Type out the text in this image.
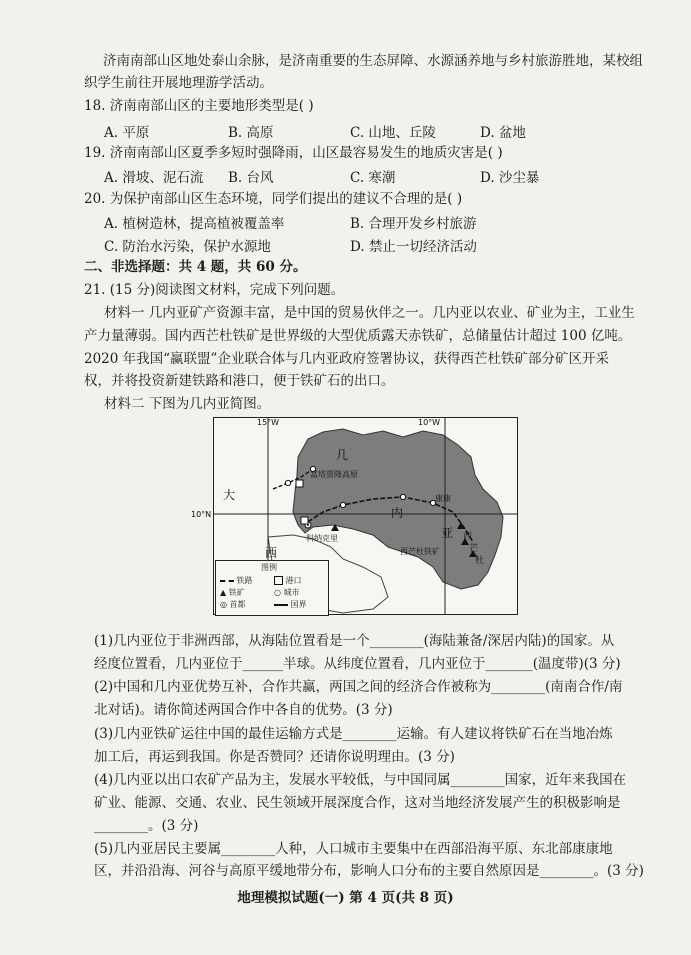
济南南部山区地处泰山余脉，是济南重要的生态屏障、水源涵养地与乡村旅游胜地，某校组
织学生前往开展地理游学活动。
18. 济南南部山区的主要地形类型是( )
A. 平原	B. 高原	C. 山地、丘陵	D. 盆地
19. 济南南部山区夏季多短时强降雨，山区最容易发生的地质灾害是( )
A. 滑坡、泥石流 B. 台风	C. 寒潮	D. 沙尘暴
20. 为保护南部山区生态环境，同学们提出的建议不合理的是( )
A. 植树造林，提高植被覆盖率	B. 合理开发乡村旅游
C. 防治水污染，保护水源地	D. 禁止一切经济活动
二、非选择题：共 4 题，共 60 分。
21. (15 分)阅读图文材料，完成下列问题。
材料一 几内亚矿产资源丰富，是中国的贸易伙伴之一。几内亚以农业、矿业为主，工业生
产力量薄弱。国内西芒杜铁矿是世界级的大型优质露天赤铁矿，总储量估计超过 100 亿吨。
2020 年我国“赢联盟”企业联合体与几内亚政府签署协议，获得西芒杜铁矿部分矿区开采
权，并将投资新建铁路和港口，便于铁矿石的出口。
材料二 下图为几内亚简图。
15°W	10°W
10°N
富塔贾隆高原
康康
科纳克里
西芒杜铁矿
几
内
亚
大
西
西
芒
杜
图例
铁路	港口
▲ 铁矿	○ 城市
◎ 首都	国界
(1)几内亚位于非洲西部，从海陆位置看是一个________(海陆兼备/深居内陆)的国家。从
经度位置看，几内亚位于______半球。从纬度位置看，几内亚位于_______(温度带)(3 分)
(2)中国和几内亚优势互补，合作共赢，两国之间的经济合作被称为________(南南合作/南
北对话)。请你简述两国合作中各自的优势。(3 分)
(3)几内亚铁矿运往中国的最佳运输方式是________运输。有人建议将铁矿石在当地冶炼
加工后，再运到我国。你是否赞同？还请你说明理由。(3 分)
(4)几内亚以出口农矿产品为主，发展水平较低，与中国同属________国家，近年来我国在
矿业、能源、交通、农业、民生领域开展深度合作，这对当地经济发展产生的积极影响是
________。(3 分)
(5)几内亚居民主要属________人种，人口城市主要集中在西部沿海平原、东北部康康地
区，并沿沿海、河谷与高原平缓地带分布，影响人口分布的主要自然原因是________。(3 分)
地理模拟试题(一) 第 4 页(共 8 页)
